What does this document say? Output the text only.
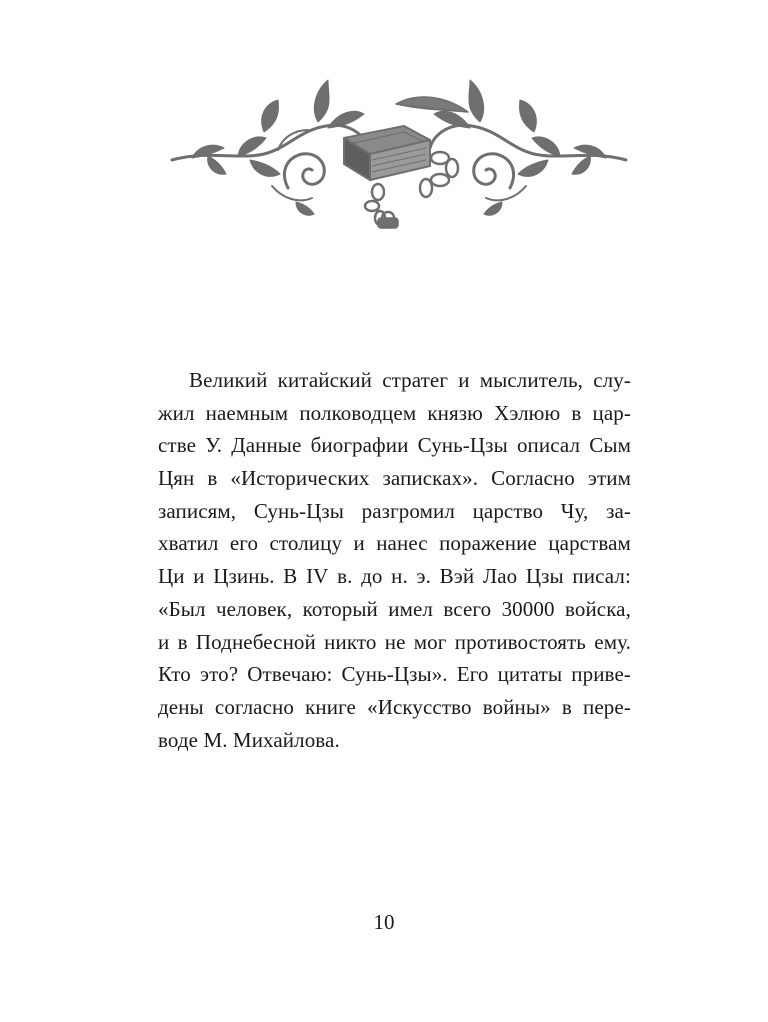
Великий китайский стратег и мыслитель, слу-
жил наемным полководцем князю Хэлюю в цар-
стве У. Данные биографии Сунь-Цзы описал Сым
Цян в «Исторических записках». Согласно этим
записям, Сунь-Цзы разгромил царство Чу, за-
хватил его столицу и нанес поражение царствам
Ци и Цзинь. В IV в. до н. э. Вэй Лао Цзы писал:
«Был человек, который имел всего 30000 войска,
и в Поднебесной никто не мог противостоять ему.
Кто это? Отвечаю: Сунь-Цзы». Его цитаты приве-
дены согласно книге «Искусство войны» в пере-
воде
М.
Михайлова.
10
